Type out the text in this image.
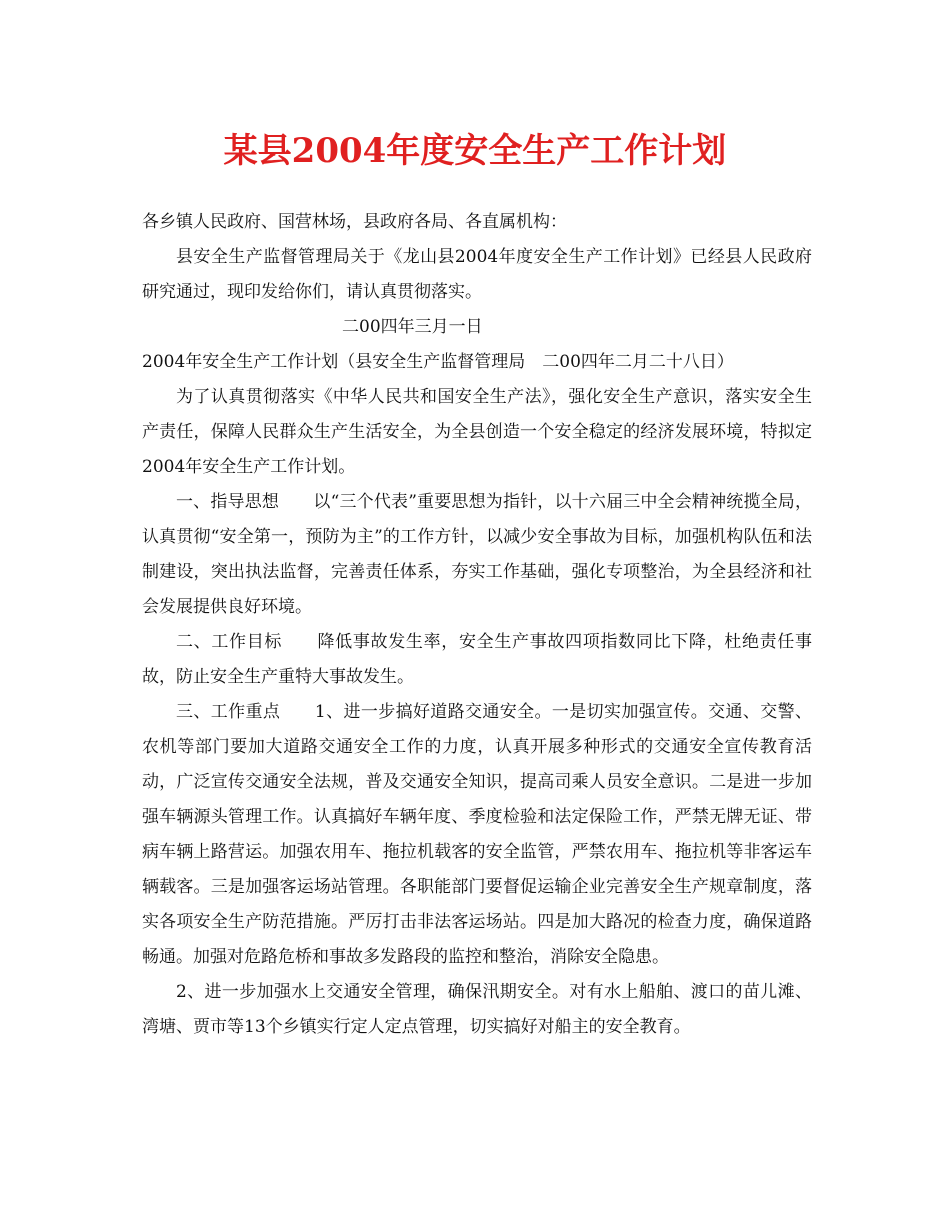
某县2004年度安全生产工作计划

各乡镇人民政府、国营林场，县政府各局、各直属机构：

县安全生产监督管理局关于《龙山县2004年度安全生产工作计划》已经县人民政府研究通过，现印发给你们，请认真贯彻落实。

二00四年三月一日

2004年安全生产工作计划（县安全生产监督管理局　二00四年二月二十八日）

为了认真贯彻落实《中华人民共和国安全生产法》，强化安全生产意识，落实安全生产责任，保障人民群众生产生活安全，为全县创造一个安全稳定的经济发展环境，特拟定2004年安全生产工作计划。

一、指导思想　　以“三个代表”重要思想为指针，以十六届三中全会精神统揽全局，认真贯彻“安全第一，预防为主”的工作方针，以减少安全事故为目标，加强机构队伍和法制建设，突出执法监督，完善责任体系，夯实工作基础，强化专项整治，为全县经济和社会发展提供良好环境。

二、工作目标　　降低事故发生率，安全生产事故四项指数同比下降，杜绝责任事故，防止安全生产重特大事故发生。

三、工作重点　　1、进一步搞好道路交通安全。一是切实加强宣传。交通、交警、农机等部门要加大道路交通安全工作的力度，认真开展多种形式的交通安全宣传教育活动，广泛宣传交通安全法规，普及交通安全知识，提高司乘人员安全意识。二是进一步加强车辆源头管理工作。认真搞好车辆年度、季度检验和法定保险工作，严禁无牌无证、带病车辆上路营运。加强农用车、拖拉机载客的安全监管，严禁农用车、拖拉机等非客运车辆载客。三是加强客运场站管理。各职能部门要督促运输企业完善安全生产规章制度，落实各项安全生产防范措施。严厉打击非法客运场站。四是加大路况的检查力度，确保道路畅通。加强对危路危桥和事故多发路段的监控和整治，消除安全隐患。

2、进一步加强水上交通安全管理，确保汛期安全。对有水上船舶、渡口的苗儿滩、湾塘、贾市等13个乡镇实行定人定点管理，切实搞好对船主的安全教育。
